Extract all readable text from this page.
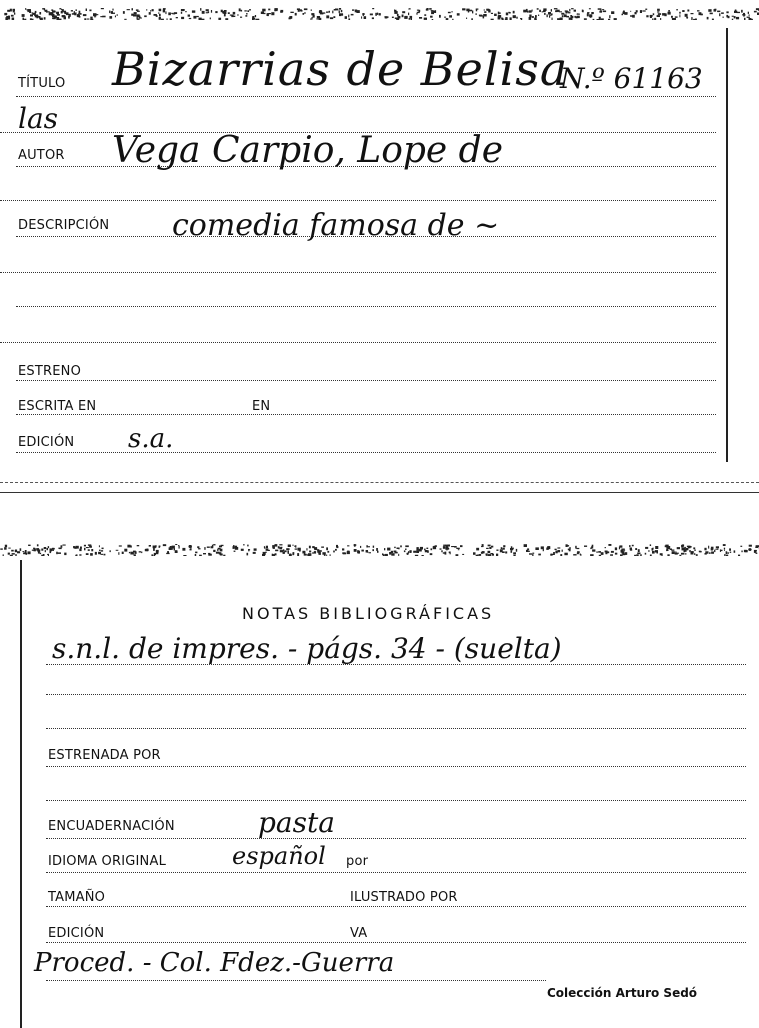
TÍTULO Bizarrias de Belisa
N.º 61163
las
AUTOR Vega Carpio, Lope de
DESCRIPCIÓN comedia famosa de ~
ESTRENO
ESCRITA EN	EN
EDICIÓN s.a.
NOTAS BIBLIOGRÁFICAS
s.n.l. de impres. - págs. 34 - (suelta)
ESTRENADA POR
ENCUADERNACIÓN	pasta
IDIOMA ORIGINAL	español por
TAMAÑO	ILUSTRADO POR
EDICIÓN	VA
Proced. - Col. Fdez.-Guerra
Colección Arturo Sedó
